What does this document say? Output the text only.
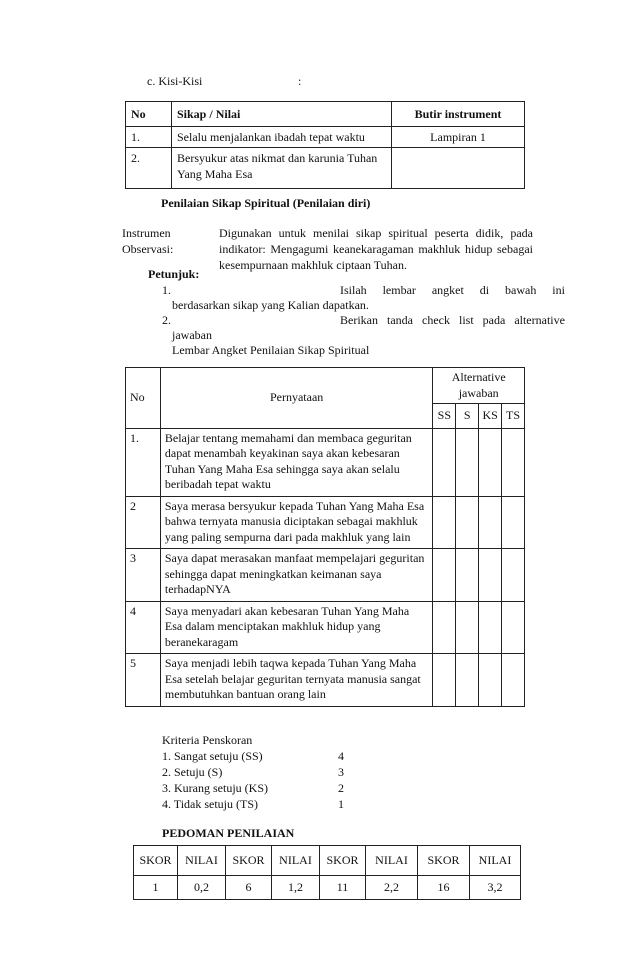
c. Kisi-Kisi	:
No	Sikap / Nilai	Butir instrument
1.	Selalu menjalankan ibadah tepat waktu	Lampiran 1
2.	Bersyukur atas nikmat dan karunia Tuhan Yang Maha Esa	
Penilaian Sikap Spiritual (Penilaian diri)
Instrumen
Observasi:
Digunakan untuk menilai sikap spiritual peserta didik, pada indikator: Mengagumi keanekaragaman makhluk hidup sebagai kesempurnaan makhluk ciptaan Tuhan.
Petunjuk:
1.	Isilah lembar angket di bawah ini
berdasarkan sikap yang Kalian dapatkan.
2.	Berikan tanda check list pada alternative
jawaban
Lembar Angket Penilaian Sikap Spiritual
No	Pernyataan	Alternative jawaban			
		SS	S	KS	TS
1.	Belajar tentang memahami dan membaca geguritan dapat menambah keyakinan saya akan kebesaran Tuhan Yang Maha Esa sehingga saya akan selalu beribadah tepat waktu				
2	Saya merasa bersyukur kepada Tuhan Yang Maha Esa bahwa ternyata manusia diciptakan sebagai makhluk yang paling sempurna dari pada makhluk yang lain				
3	Saya dapat merasakan manfaat mempelajari geguritan sehingga dapat meningkatkan keimanan saya terhadapNYA				
4	Saya menyadari akan kebesaran Tuhan Yang Maha Esa dalam menciptakan makhluk hidup yang beranekaragam				
5	Saya menjadi lebih taqwa kepada Tuhan Yang Maha Esa setelah belajar geguritan ternyata manusia sangat membutuhkan bantuan orang lain				
Kriteria Penskoran
1. Sangat setuju (SS)	4
2. Setuju (S)	3
3. Kurang setuju (KS)	2
4. Tidak setuju (TS)	1
PEDOMAN PENILAIAN
SKOR	NILAI	SKOR	NILAI	SKOR	NILAI	SKOR	NILAI
1	0,2	6	1,2	11	2,2	16	3,2
